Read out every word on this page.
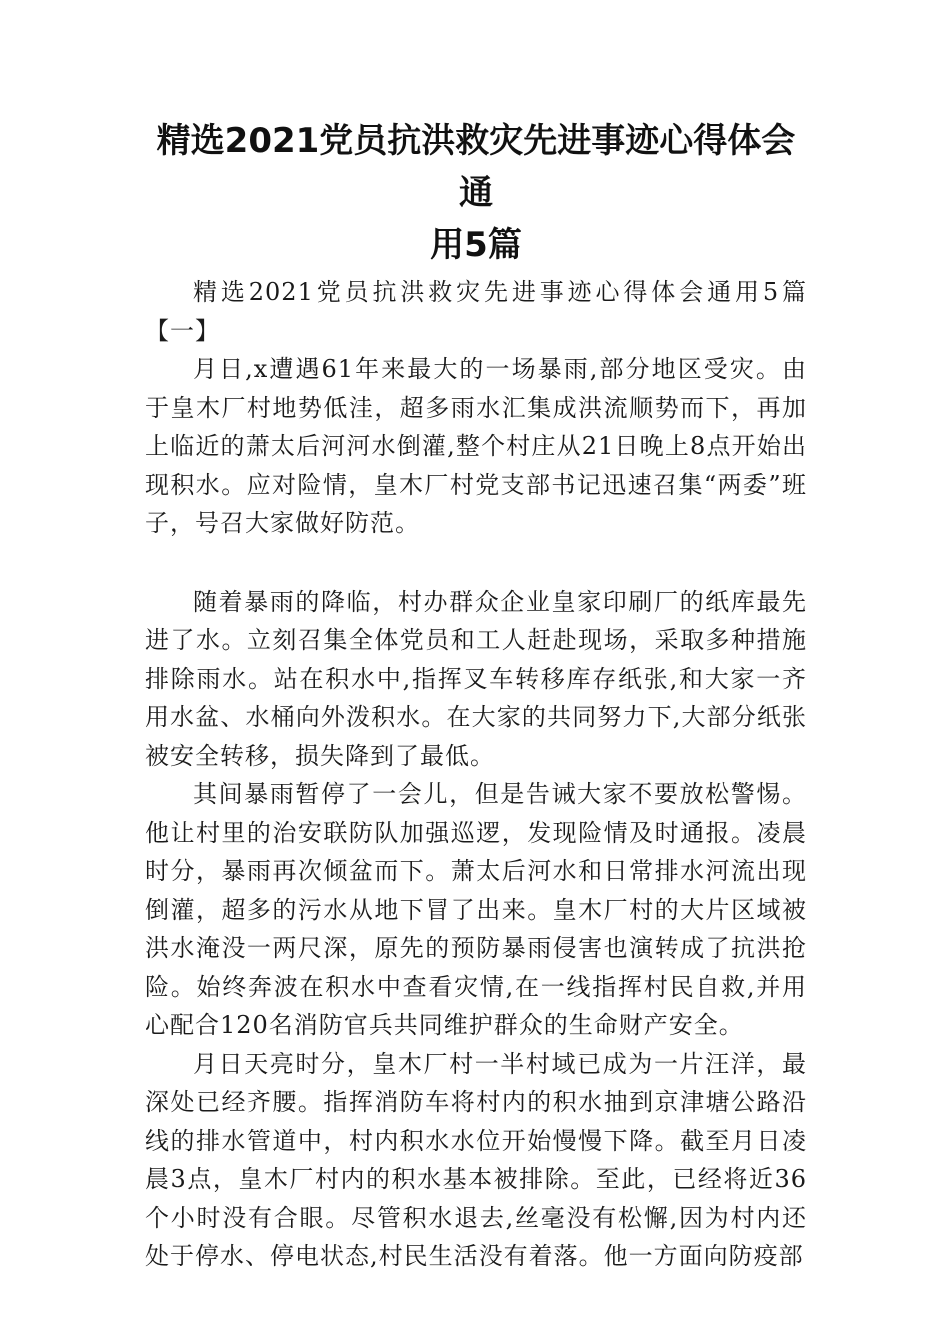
精选2021党员抗洪救灾先进事迹心得体会通
用5篇

精选2021党员抗洪救灾先进事迹心得体会通用5篇【一】

月日,x遭遇61年来最大的一场暴雨,部分地区受灾。由于皇木厂村地势低洼，超多雨水汇集成洪流顺势而下，再加上临近的萧太后河河水倒灌,整个村庄从21日晚上8点开始出现积水。应对险情，皇木厂村党支部书记迅速召集“两委”班子，号召大家做好防范。

随着暴雨的降临，村办群众企业皇家印刷厂的纸库最先进了水。立刻召集全体党员和工人赶赴现场，采取多种措施排除雨水。站在积水中,指挥叉车转移库存纸张,和大家一齐用水盆、水桶向外泼积水。在大家的共同努力下,大部分纸张被安全转移，损失降到了最低。

其间暴雨暂停了一会儿，但是告诫大家不要放松警惕。他让村里的治安联防队加强巡逻，发现险情及时通报。凌晨时分，暴雨再次倾盆而下。萧太后河水和日常排水河流出现倒灌，超多的污水从地下冒了出来。皇木厂村的大片区域被洪水淹没一两尺深，原先的预防暴雨侵害也演转成了抗洪抢险。始终奔波在积水中查看灾情,在一线指挥村民自救,并用心配合120名消防官兵共同维护群众的生命财产安全。

月日天亮时分，皇木厂村一半村域已成为一片汪洋，最深处已经齐腰。指挥消防车将村内的积水抽到京津塘公路沿线的排水管道中，村内积水水位开始慢慢下降。截至月日凌晨3点，皇木厂村内的积水基本被排除。至此，已经将近36个小时没有合眼。尽管积水退去,丝毫没有松懈,因为村内还处于停水、停电状态,村民生活没有着落。他一方面向防疫部
